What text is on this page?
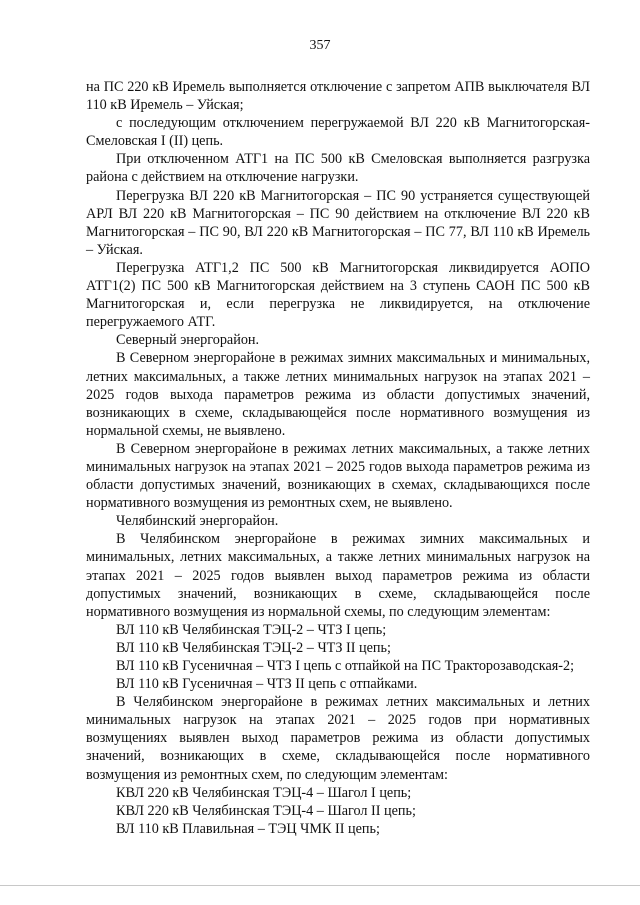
357

на ПС 220 кВ Иремель выполняется отключение с запретом АПВ выключателя ВЛ 110 кВ Иремель – Уйская;

с последующим отключением перегружаемой ВЛ 220 кВ Магнитогорская-Смеловская I (II) цепь.

При отключенном АТГ1 на ПС 500 кВ Смеловская выполняется разгрузка района с действием на отключение нагрузки.

Перегрузка ВЛ 220 кВ Магнитогорская – ПС 90 устраняется существующей АРЛ ВЛ 220 кВ Магнитогорская – ПС 90 действием на отключение ВЛ 220 кВ Магнитогорская – ПС 90, ВЛ 220 кВ Магнитогорская – ПС 77, ВЛ 110 кВ Иремель – Уйская.

Перегрузка АТГ1,2 ПС 500 кВ Магнитогорская ликвидируется АОПО АТГ1(2) ПС 500 кВ Магнитогорская действием на 3 ступень САОН ПС 500 кВ Магнитогорская и, если перегрузка не ликвидируется, на отключение перегружаемого АТГ.

Северный энергорайон.

В Северном энергорайоне в режимах зимних максимальных и минимальных, летних максимальных, а также летних минимальных нагрузок на этапах 2021 – 2025 годов выхода параметров режима из области допустимых значений, возникающих в схеме, складывающейся после нормативного возмущения из нормальной схемы, не выявлено.

В Северном энергорайоне в режимах летних максимальных, а также летних минимальных нагрузок на этапах 2021 – 2025 годов выхода параметров режима из области допустимых значений, возникающих в схемах, складывающихся после нормативного возмущения из ремонтных схем, не выявлено.

Челябинский энергорайон.

В Челябинском энергорайоне в режимах зимних максимальных и минимальных, летних максимальных, а также летних минимальных нагрузок на этапах 2021 – 2025 годов выявлен выход параметров режима из области допустимых значений, возникающих в схеме, складывающейся после нормативного возмущения из нормальной схемы, по следующим элементам:

ВЛ 110 кВ Челябинская ТЭЦ-2 – ЧТЗ I цепь;

ВЛ 110 кВ Челябинская ТЭЦ-2 – ЧТЗ II цепь;

ВЛ 110 кВ Гусеничная – ЧТЗ I цепь с отпайкой на ПС Тракторозаводская-2;

ВЛ 110 кВ Гусеничная – ЧТЗ II цепь с отпайками.

В Челябинском энергорайоне в режимах летних максимальных и летних минимальных нагрузок на этапах 2021 – 2025 годов при нормативных возмущениях выявлен выход параметров режима из области допустимых значений, возникающих в схеме, складывающейся после нормативного возмущения из ремонтных схем, по следующим элементам:

КВЛ 220 кВ Челябинская ТЭЦ-4 – Шагол I цепь;

КВЛ 220 кВ Челябинская ТЭЦ-4 – Шагол II цепь;

ВЛ 110 кВ Плавильная – ТЭЦ ЧМК II цепь;
